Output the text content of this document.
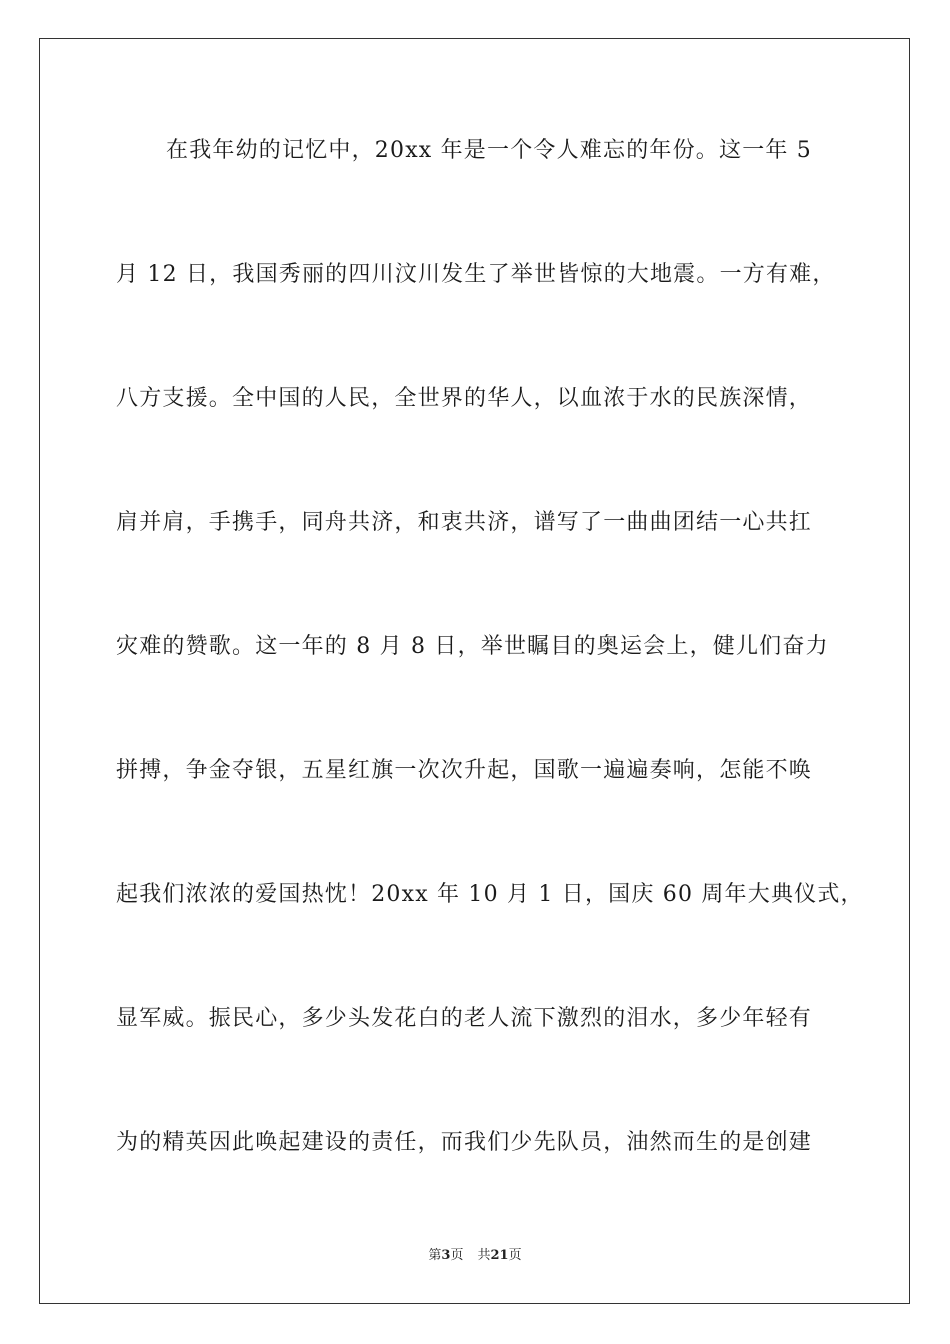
在我年幼的记忆中，20xx 年是一个令人难忘的年份。这一年 5
月 12 日，我国秀丽的四川汶川发生了举世皆惊的大地震。一方有难，
八方支援。全中国的人民，全世界的华人，以血浓于水的民族深情，
肩并肩，手携手，同舟共济，和衷共济，谱写了一曲曲团结一心共扛
灾难的赞歌。这一年的 8 月 8 日，举世瞩目的奥运会上，健儿们奋力
拼搏，争金夺银，五星红旗一次次升起，国歌一遍遍奏响，怎能不唤
起我们浓浓的爱国热忱！20xx 年 10 月 1 日，国庆 60 周年大典仪式，
显军威。振民心，多少头发花白的老人流下激烈的泪水，多少年轻有
为的精英因此唤起建设的责任，而我们少先队员，油然而生的是创建
第3页 共21页
